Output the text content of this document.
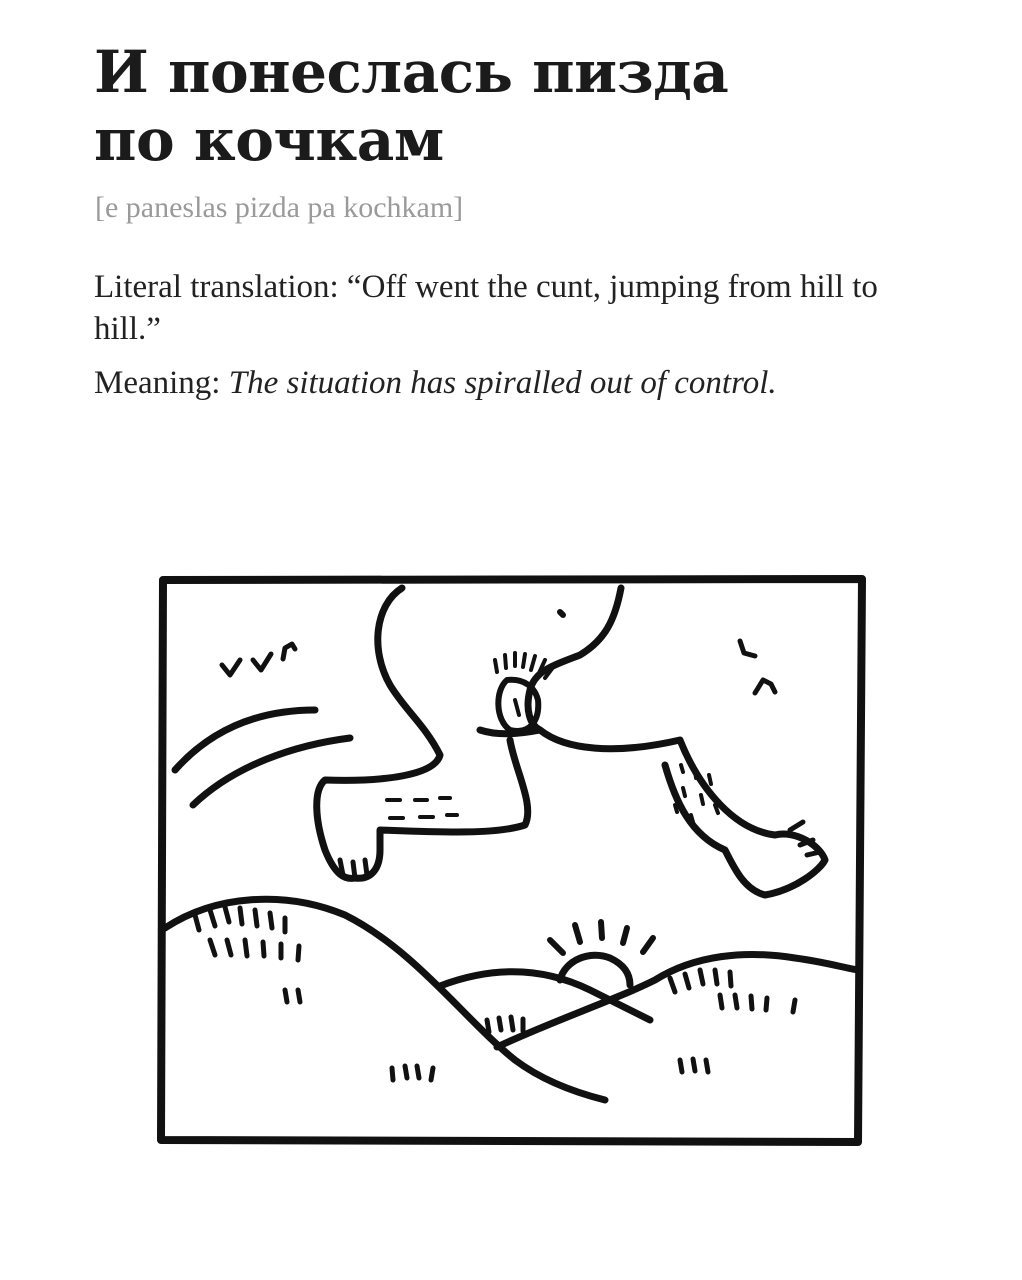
И понеслась пизда
по кочкам
[e paneslas pizda pa kochkam]

Literal translation: “Off went the cunt, jumping from hill to hill.”

Meaning: The situation has spiralled out of control.
